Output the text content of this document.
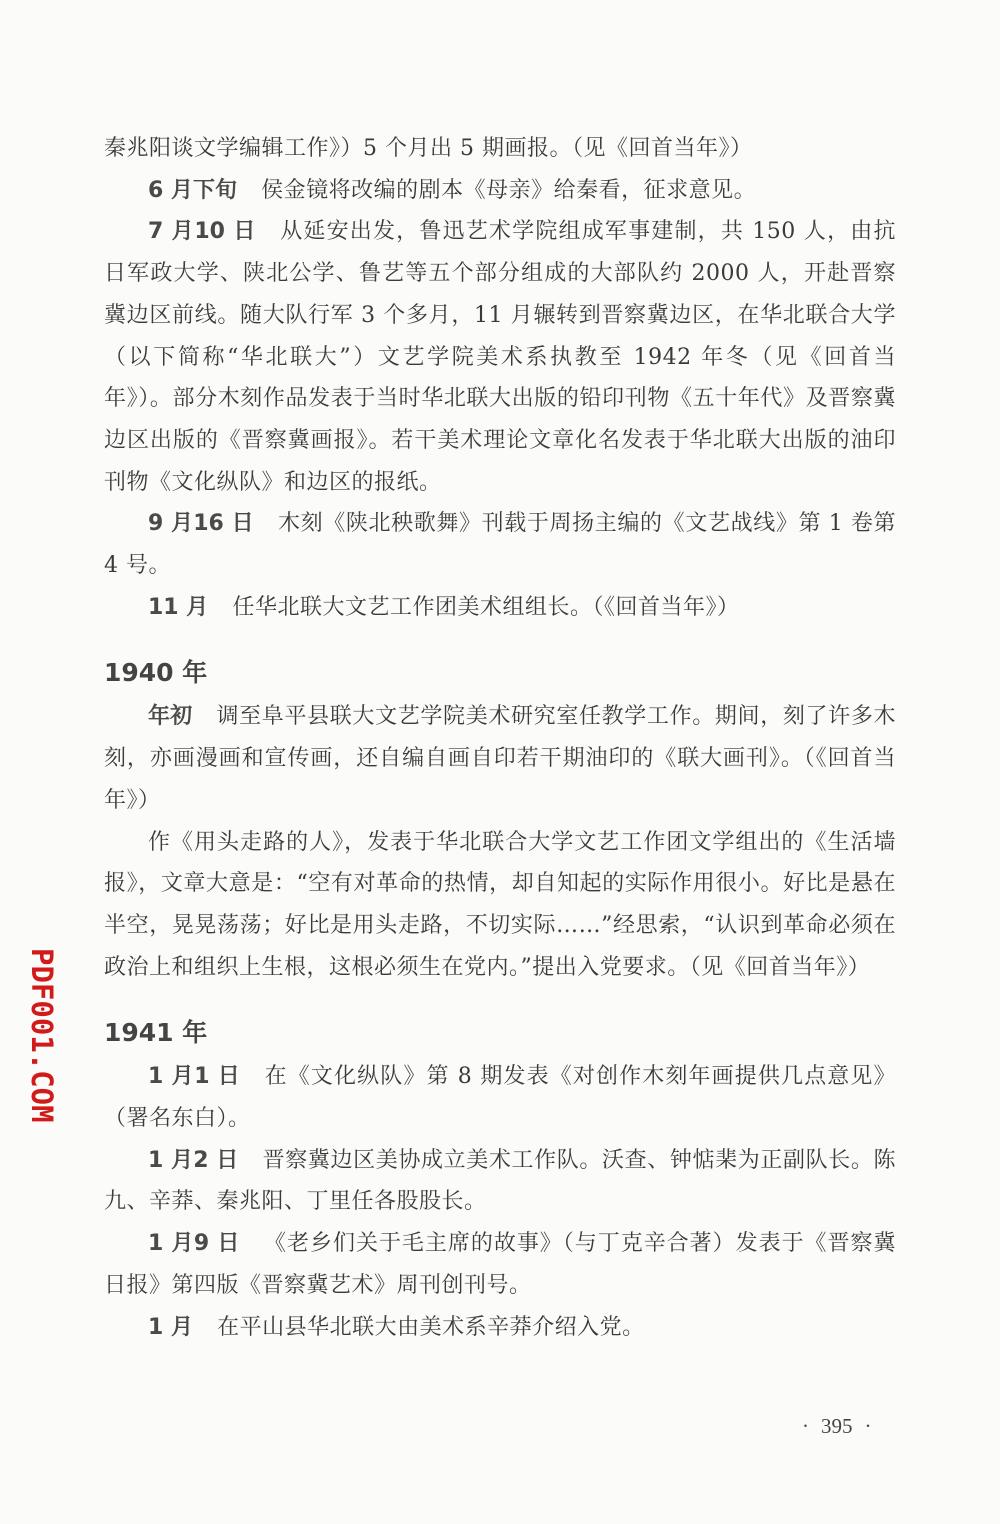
PDF001.COM

秦兆阳谈文学编辑工作》）5 个月出 5 期画报。（见《回首当年》）

6 月下旬 侯金镜将改编的剧本《母亲》给秦看，征求意见。

7 月10 日 从延安出发，鲁迅艺术学院组成军事建制，共 150 人，由抗日军政大学、陕北公学、鲁艺等五个部分组成的大部队约 2000 人，开赴晋察冀边区前线。随大队行军 3 个多月，11 月辗转到晋察冀边区，在华北联合大学（以下简称“华北联大”）文艺学院美术系执教至 1942 年冬（见《回首当年》）。部分木刻作品发表于当时华北联大出版的铅印刊物《五十年代》及晋察冀边区出版的《晋察冀画报》。若干美术理论文章化名发表于华北联大出版的油印刊物《文化纵队》和边区的报纸。

9 月16 日 木刻《陕北秧歌舞》刊载于周扬主编的《文艺战线》第 1 卷第 4 号。

11 月 任华北联大文艺工作团美术组组长。（《回首当年》）

1940 年

年初 调至阜平县联大文艺学院美术研究室任教学工作。期间，刻了许多木刻，亦画漫画和宣传画，还自编自画自印若干期油印的《联大画刊》。（《回首当年》）

作《用头走路的人》，发表于华北联合大学文艺工作团文学组出的《生活墙报》，文章大意是：“空有对革命的热情，却自知起的实际作用很小。好比是悬在半空，晃晃荡荡；好比是用头走路，不切实际……”经思索，“认识到革命必须在政治上和组织上生根，这根必须生在党内。”提出入党要求。（见《回首当年》）

1941 年

1 月1 日 在《文化纵队》第 8 期发表《对创作木刻年画提供几点意见》（署名东白）。

1 月2 日 晋察冀边区美协成立美术工作队。沃查、钟惦棐为正副队长。陈九、辛莽、秦兆阳、丁里任各股股长。

1 月9 日 《老乡们关于毛主席的故事》（与丁克辛合著）发表于《晋察冀日报》第四版《晋察冀艺术》周刊创刊号。

1 月 在平山县华北联大由美术系辛莽介绍入党。

· 395 ·
